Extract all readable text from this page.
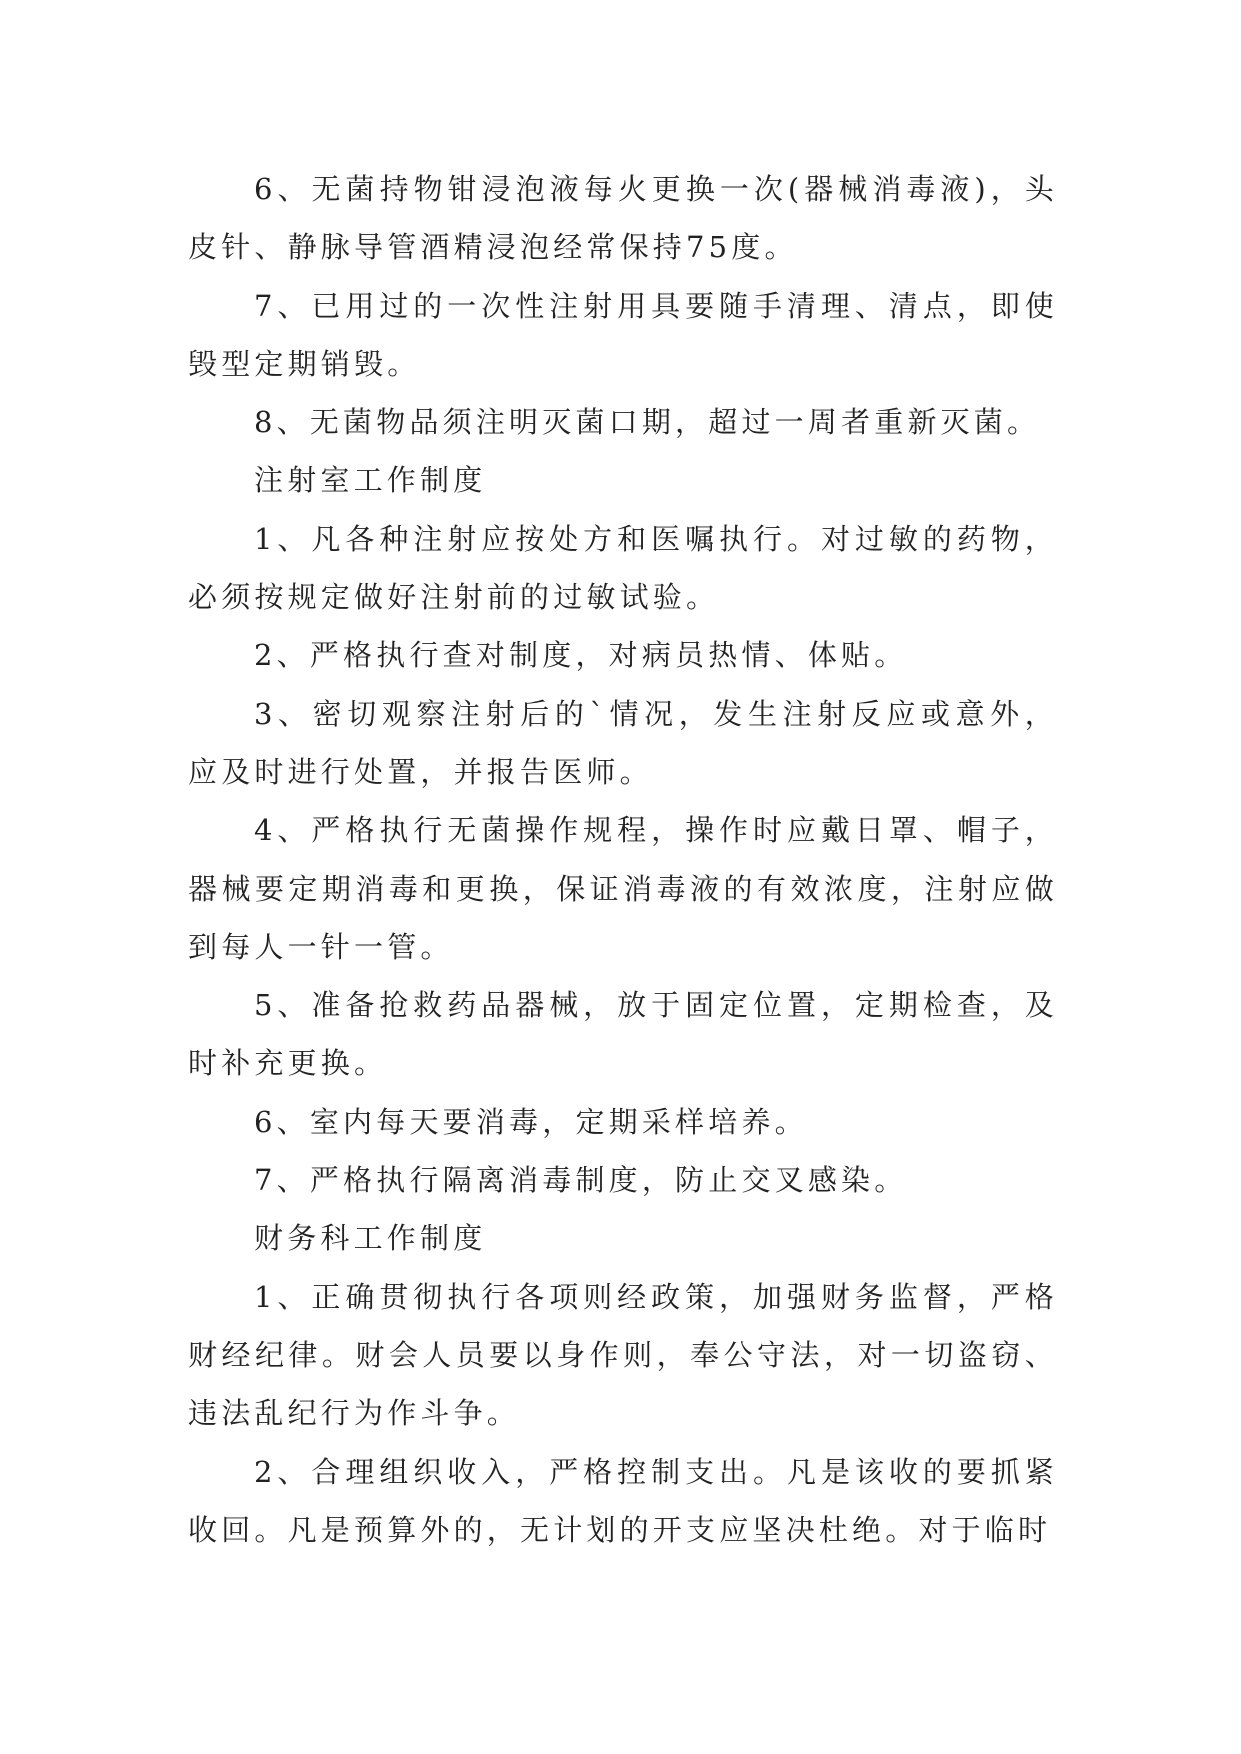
6、无菌持物钳浸泡液每火更换一次(器械消毒液)，头皮针、静脉导管酒精浸泡经常保持75度。

7、已用过的一次性注射用具要随手清理、清点，即使毁型定期销毁。

8、无菌物品须注明灭菌口期，超过一周者重新灭菌。

注射室工作制度

1、凡各种注射应按处方和医嘱执行。对过敏的药物，必须按规定做好注射前的过敏试验。

2、严格执行查对制度，对病员热情、体贴。

3、密切观察注射后的`情况，发生注射反应或意外，应及时进行处置，并报告医师。

4、严格执行无菌操作规程，操作时应戴日罩、帽子，器械要定期消毒和更换，保证消毒液的有效浓度，注射应做到每人一针一管。

5、准备抢救药品器械，放于固定位置，定期检查，及时补充更换。

6、室内每天要消毒，定期采样培养。

7、严格执行隔离消毒制度，防止交叉感染。

财务科工作制度

1、正确贯彻执行各项则经政策，加强财务监督，严格财经纪律。财会人员要以身作则，奉公守法，对一切盗窃、违法乱纪行为作斗争。

2、合理组织收入，严格控制支出。凡是该收的要抓紧收回。凡是预算外的，无计划的开支应坚决杜绝。对于临时
